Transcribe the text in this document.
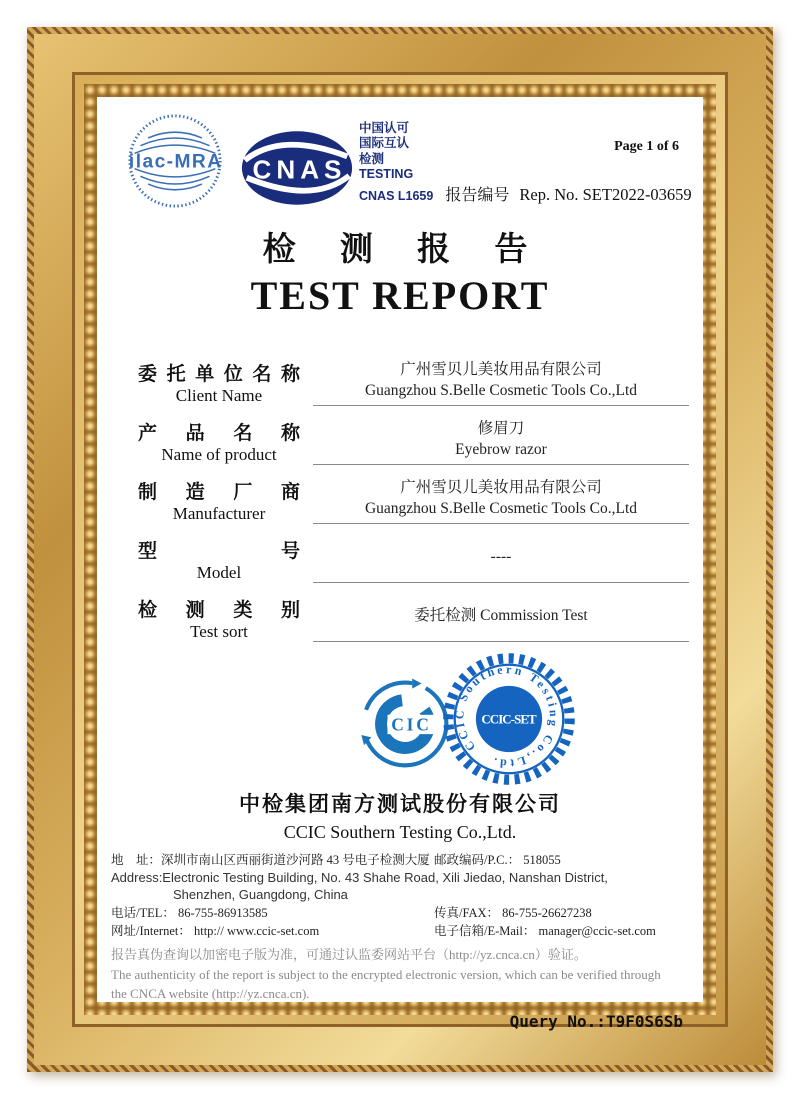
ilac-MRA CNAS
中国认可
国际互认
检测
TESTING
CNAS L1659 报告编号 Rep. No. SET2022-03659
Page 1 of 6
检 测 报 告
TEST REPORT
委托单位名称
Client Name
广州雪贝儿美妆用品有限公司
Guangzhou S.Belle Cosmetic Tools Co.,Ltd
产 品 名 称
Name of product
修眉刀
Eyebrow razor
制 造 厂 商
Manufacturer
广州雪贝儿美妆用品有限公司
Guangzhou S.Belle Cosmetic Tools Co.,Ltd
型 号
Model
----
检 测 类 别
Test sort
委托检测 Commission Test
CIC
CCIC Southern Testing Co.,Ltd.
CCIC-SET
中检集团南方测试股份有限公司
CCIC Southern Testing Co.,Ltd.
地　址：深圳市南山区西丽街道沙河路 43 号电子检测大厦 邮政编码/P.C.： 518055
Address:Electronic Testing Building, No. 43 Shahe Road, Xili Jiedao, Nanshan District,
Shenzhen, Guangdong, China
电话/TEL： 86-755-86913585	传真/FAX： 86-755-26627238
网址/Internet： http:// www.ccic-set.com	电子信箱/E-Mail： manager@ccic-set.com
报告真伪查询以加密电子版为准，可通过认监委网站平台（http://yz.cnca.cn）验证。
The authenticity of the report is subject to the encrypted electronic version, which can be verified through
the CNCA website (http://yz.cnca.cn).
Query No.:T9F0S6Sb
